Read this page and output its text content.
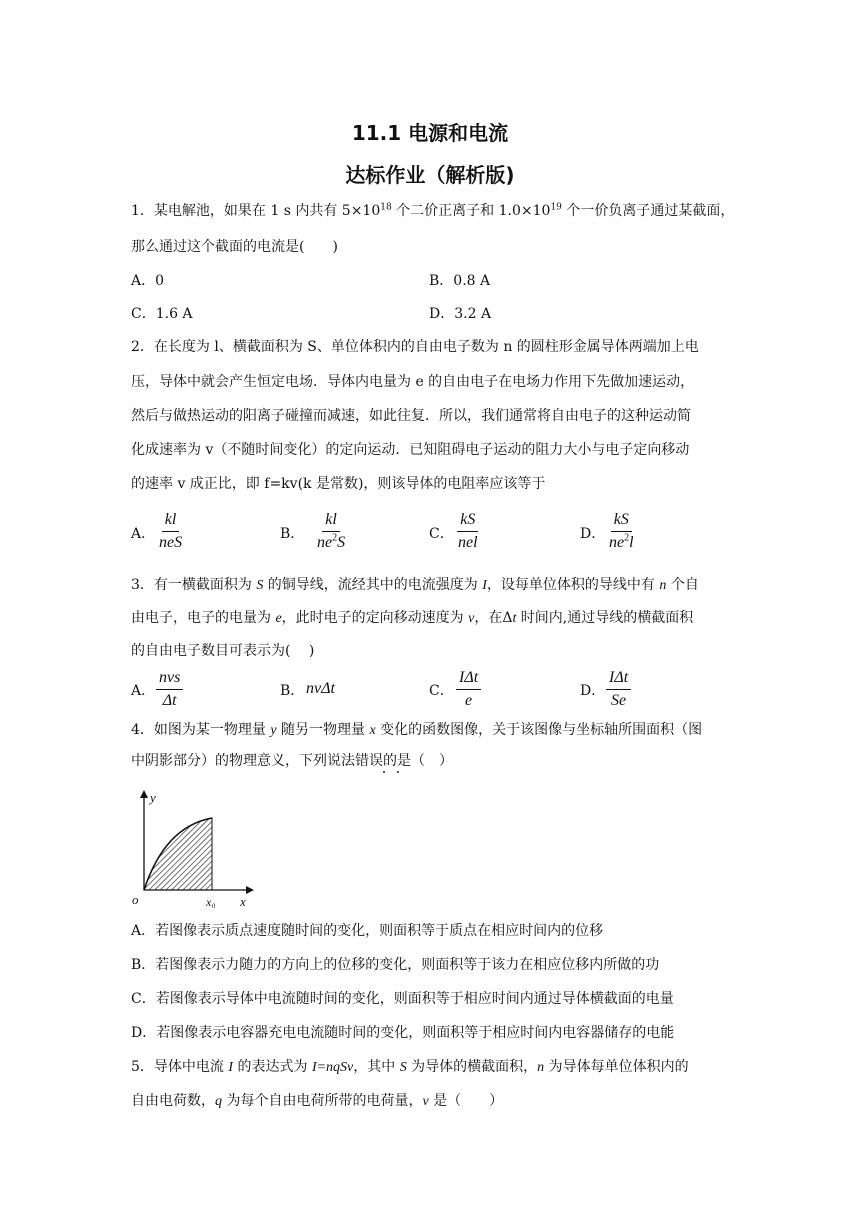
11.1 电源和电流
达标作业（解析版)
1．某电解池，如果在 1 s 内共有 $5\times 10^{18}$ 个二价正离子和 $1.0\times 10^{19}$ 个一价负离子通过某截面，
那么通过这个截面的电流是(　　)
A．0	B．0.8 A
C．1.6 A	D．3.2 A
2．在长度为 l、横截面积为 S、单位体积内的自由电子数为 n 的圆柱形金属导体两端加上电
压，导体中就会产生恒定电场．导体内电量为 e 的自由电子在电场力作用下先做加速运动，
然后与做热运动的阳离子碰撞而减速，如此往复．所以，我们通常将自由电子的这种运动简
化成速率为 v（不随时间变化）的定向运动．已知阻碍电子运动的阻力大小与电子定向移动
的速率 v 成正比，即 f=kv(k 是常数)，则该导体的电阻率应该等于
A．
kl
neS	B． $\frac{kl}{ne^2S}$	C．
kS
nel	D． $\frac{kS}{ne^2l}$
3．有一横截面积为 S 的铜导线，流经其中的电流强度为 I，设每单位体积的导线中有 n 个自
由电子，电子的电量为 e，此时电子的定向移动速度为 v，在Δt 时间内,通过导线的横截面积
的自由电子数目可表示为(　 )
A．
nvs
Δt
B． nvΔt	C．
IΔt
e
D．
IΔt
Se
4．如图为某一物理量 y 随另一物理量 x 变化的函数图像，关于该图像与坐标轴所围面积（图
中阴影部分）的物理意义，下列说法错误的是（　）
y
x
o	x₀
A．若图像表示质点速度随时间的变化，则面积等于质点在相应时间内的位移
B．若图像表示力随力的方向上的位移的变化，则面积等于该力在相应位移内所做的功
C．若图像表示导体中电流随时间的变化，则面积等于相应时间内通过导体横截面的电量
D．若图像表示电容器充电电流随时间的变化，则面积等于相应时间内电容器储存的电能
5．导体中电流 I 的表达式为 I=nqSv，其中 S 为导体的横截面积，n 为导体每单位体积内的
自由电荷数，q 为每个自由电荷所带的电荷量，v 是（　　）
